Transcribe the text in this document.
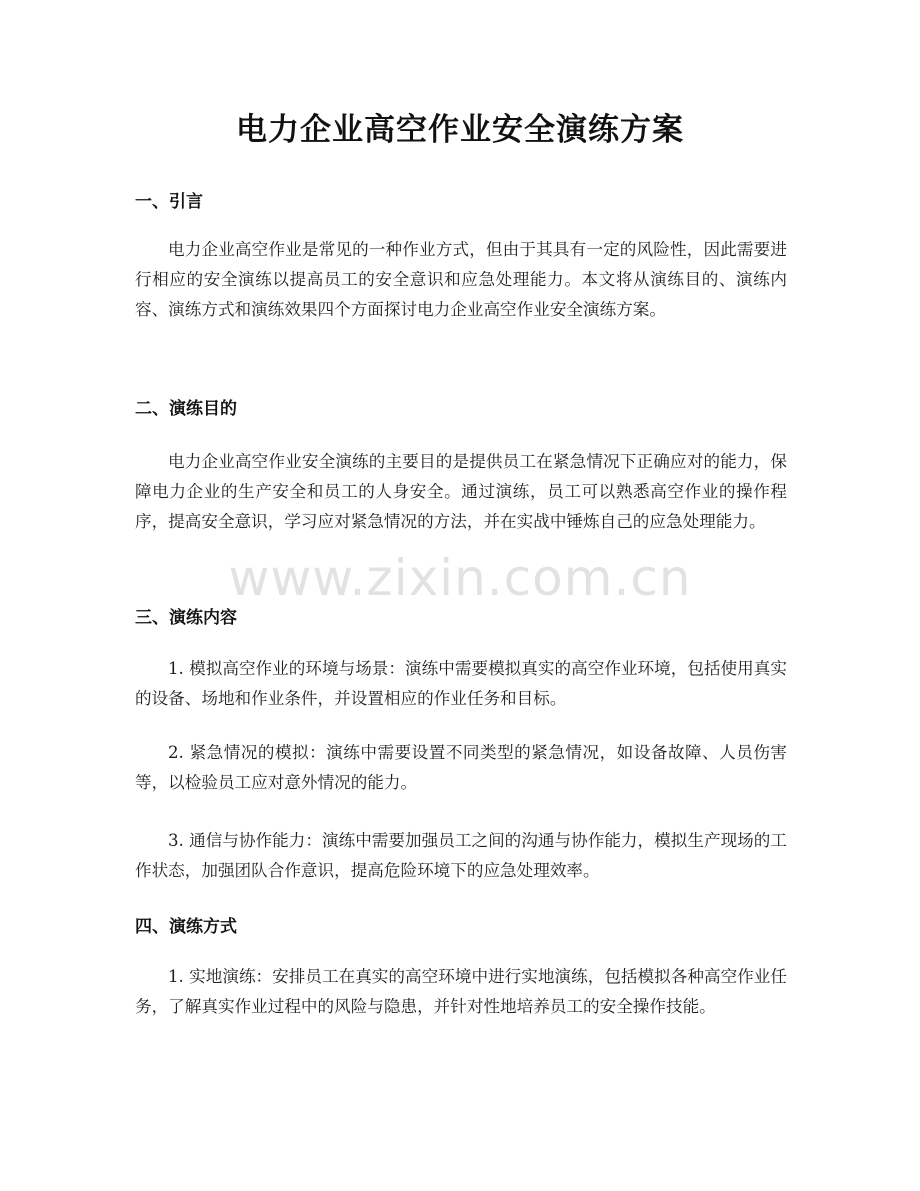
电力企业高空作业安全演练方案
一、引言

电力企业高空作业是常见的一种作业方式，但由于其具有一定的风险性，因此需要进行相应的安全演练以提高员工的安全意识和应急处理能力。本文将从演练目的、演练内容、演练方式和演练效果四个方面探讨电力企业高空作业安全演练方案。

二、演练目的

电力企业高空作业安全演练的主要目的是提供员工在紧急情况下正确应对的能力，保障电力企业的生产安全和员工的人身安全。通过演练，员工可以熟悉高空作业的操作程序，提高安全意识，学习应对紧急情况的方法，并在实战中锤炼自己的应急处理能力。

三、演练内容

1. 模拟高空作业的环境与场景：演练中需要模拟真实的高空作业环境，包括使用真实的设备、场地和作业条件，并设置相应的作业任务和目标。

2. 紧急情况的模拟：演练中需要设置不同类型的紧急情况，如设备故障、人员伤害等，以检验员工应对意外情况的能力。

3. 通信与协作能力：演练中需要加强员工之间的沟通与协作能力，模拟生产现场的工作状态，加强团队合作意识，提高危险环境下的应急处理效率。

四、演练方式

1. 实地演练：安排员工在真实的高空环境中进行实地演练，包括模拟各种高空作业任务，了解真实作业过程中的风险与隐患，并针对性地培养员工的安全操作技能。

www.zixin.com.cn
